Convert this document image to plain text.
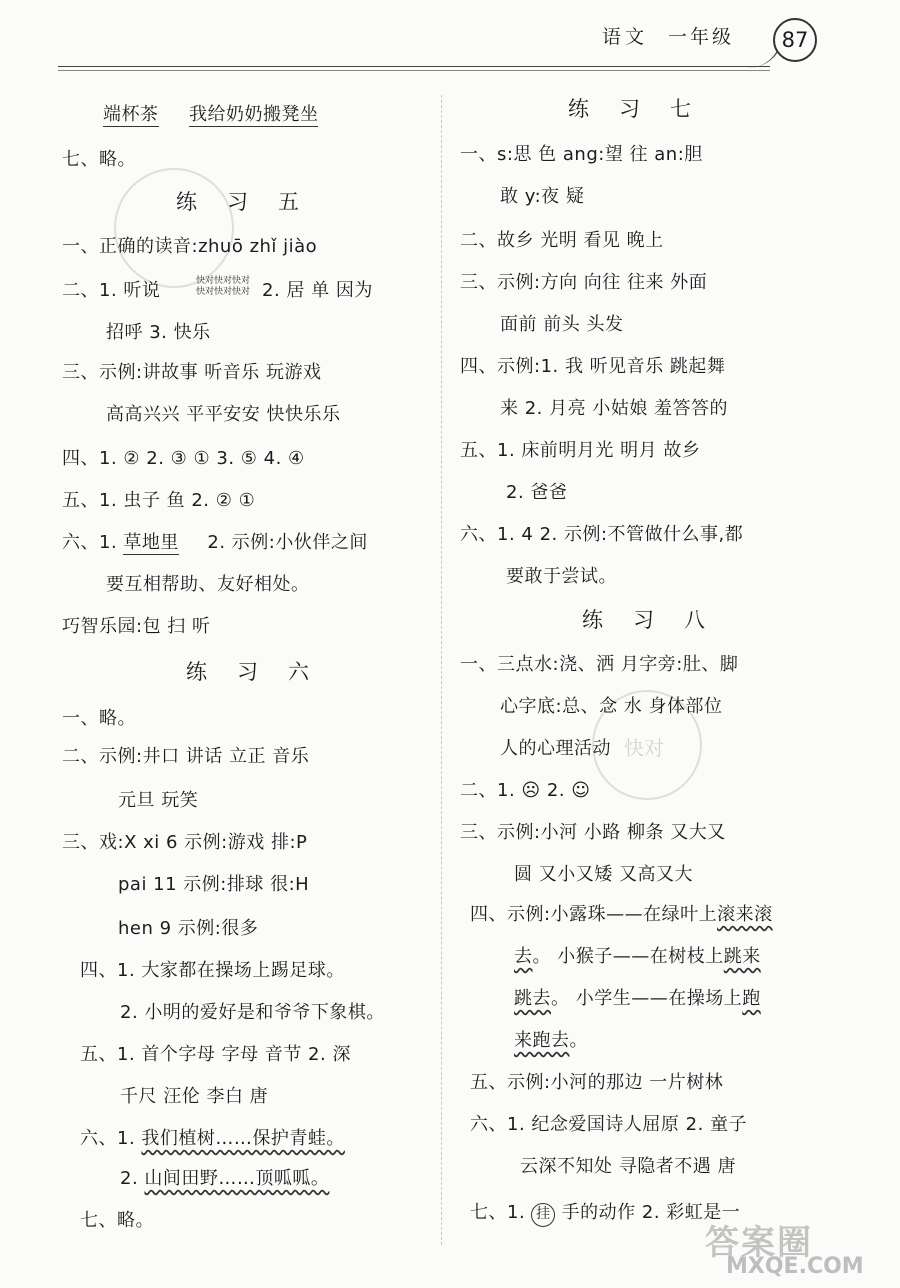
语文 一年级	87
端杯茶 我给奶奶搬凳坐
七、略。
练习五
一、正确的读音:zhuō zhǐ jiào
二、1. 听说	快对快对快对
快对快对快对 2. 居 单 因为
招呼 3. 快乐
三、示例:讲故事 听音乐 玩游戏
高高兴兴 平平安安 快快乐乐
四、1. ② 2. ③ ① 3. ⑤ 4. ④
五、1. 虫子 鱼 2. ② ①
六、1. 草地里 2. 示例:小伙伴之间
要互相帮助、友好相处。
巧智乐园:包 扫 听
练习六
一、略。
二、示例:井口 讲话 立正 音乐
元旦 玩笑
三、戏:X xi 6 示例:游戏 排:P
pai 11 示例:排球 很:H
hen 9 示例:很多
四、1. 大家都在操场上踢足球。
2. 小明的爱好是和爷爷下象棋。
五、1. 首个字母 字母 音节 2. 深
千尺 汪伦 李白 唐
六、1. 我们植树……保护青蛙。
2. 山间田野……顶呱呱。
七、略。
练习七
一、s:思 色 ang:望 往 an:胆
敢 y:夜 疑
二、故乡 光明 看见 晚上
三、示例:方向 向往 往来 外面
面前 前头 头发
四、示例:1. 我 听见音乐 跳起舞
来 2. 月亮 小姑娘 羞答答的
五、1. 床前明月光 明月 故乡
2. 爸爸
六、1. 4 2. 示例:不管做什么事,都
要敢于尝试。
练习八
一、三点水:浇、洒 月字旁:肚、脚
快对
心字底:总、念 水 身体部位
人的心理活动
二、1. ☹ 2. ☺
三、示例:小河 小路 柳条 又大又
圆 又小又矮 又高又大
四、示例:小露珠——在绿叶上滚来滚
去。 小猴子——在树枝上跳来
跳去。 小学生——在操场上跑
来跑去。
五、示例:小河的那边 一片树林
六、1. 纪念爱国诗人屈原 2. 童子
云深不知处 寻隐者不遇 唐
七、1. 挂 手的动作 2. 彩虹是一
答案圈
MXQE.COM
